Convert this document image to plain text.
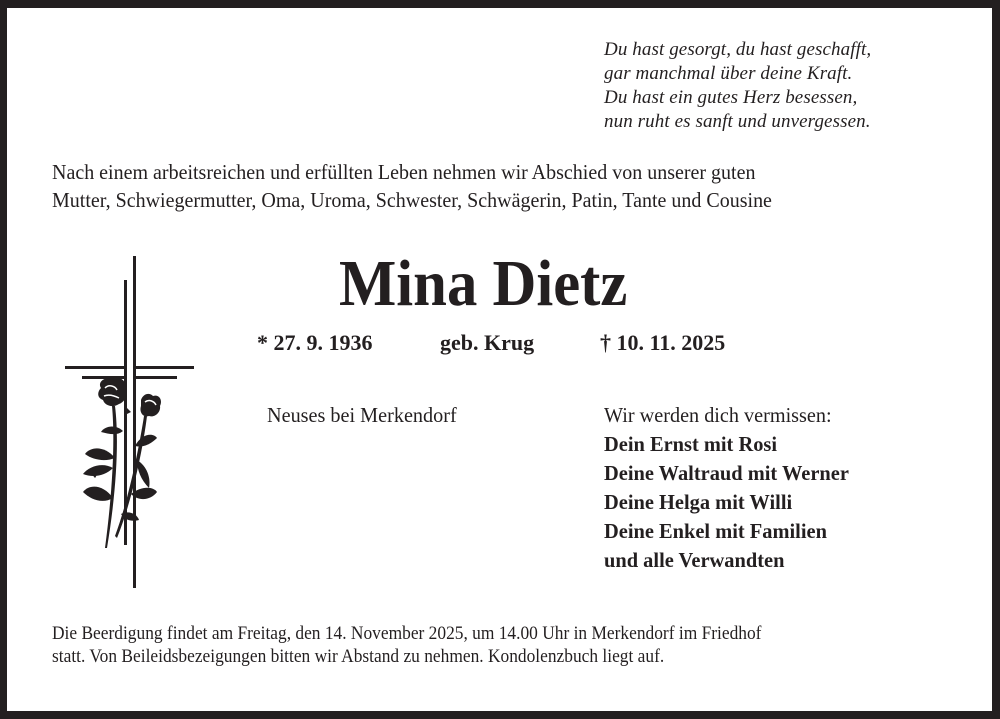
Du hast gesorgt, du hast geschafft,
gar manchmal über deine Kraft.
Du hast ein gutes Herz besessen,
nun ruht es sanft und unvergessen.
Nach einem arbeitsreichen und erfüllten Leben nehmen wir Abschied von unserer guten
Mutter, Schwiegermutter, Oma, Uroma, Schwester, Schwägerin, Patin, Tante und Cousine
Mina Dietz
* 27. 9. 1936	geb. Krug	† 10. 11. 2025
Neuses bei Merkendorf	Wir werden dich vermissen:
Dein Ernst mit Rosi
Deine Waltraud mit Werner
Deine Helga mit Willi
Deine Enkel mit Familien
und alle Verwandten
Die Beerdigung findet am Freitag, den 14. November 2025, um 14.00 Uhr in Merkendorf im Friedhof
statt. Von Beileidsbezeigungen bitten wir Abstand zu nehmen. Kondolenzbuch liegt auf.
